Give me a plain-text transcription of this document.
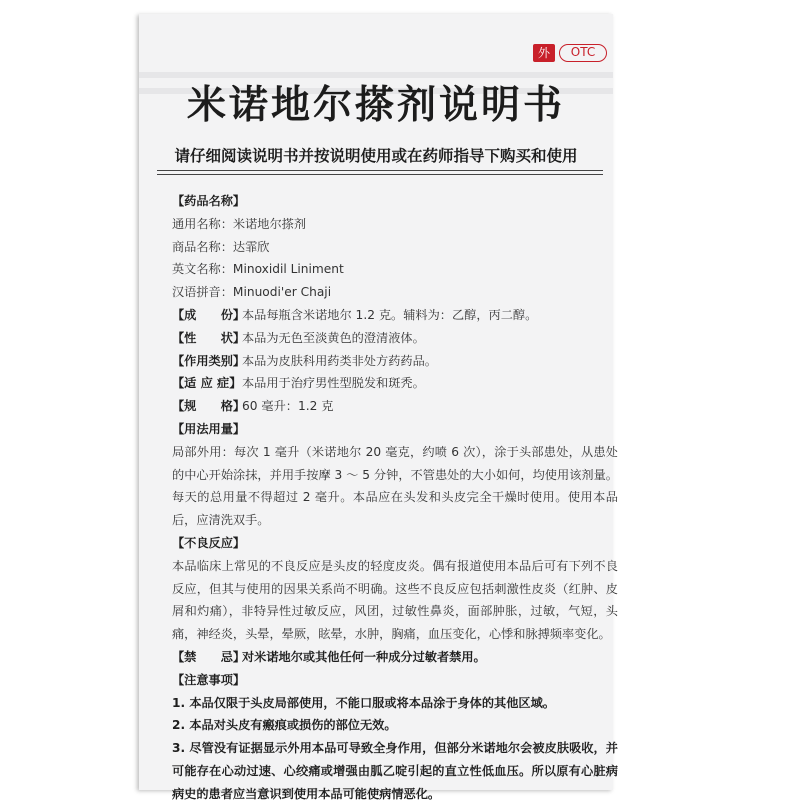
外	OTC
米诺地尔搽剂说明书
请仔细阅读说明书并按说明使用或在药师指导下购买和使用

【药品名称】

通用名称：米诺地尔搽剂

商品名称：达霏欣

英文名称：Minoxidil Liniment

汉语拼音：Minuodi'er Chaji

【成　　份】本品每瓶含米诺地尔 1.2 克。辅料为：乙醇，丙二醇。

【性　　状】本品为无色至淡黄色的澄清液体。

【作用类别】本品为皮肤科用药类非处方药药品。

【适 应 症】本品用于治疗男性型脱发和斑秃。

【规　　格】60 毫升：1.2 克

【用法用量】

局部外用：每次 1 毫升（米诺地尔 20 毫克，约喷 6 次），涂于头部患处，从患处的中心开始涂抹，并用手按摩 3 ～ 5 分钟，不管患处的大小如何，均使用该剂量。每天的总用量不得超过 2 毫升。本品应在头发和头皮完全干燥时使用。使用本品后，应清洗双手。

【不良反应】

本品临床上常见的不良反应是头皮的轻度皮炎。偶有报道使用本品后可有下列不良反应，但其与使用的因果关系尚不明确。这些不良反应包括刺激性皮炎（红肿、皮屑和灼痛），非特异性过敏反应，风团，过敏性鼻炎，面部肿胀，过敏，气短，头痛，神经炎，头晕，晕厥，眩晕，水肿，胸痛，血压变化，心悸和脉搏频率变化。

【禁　　忌】对米诺地尔或其他任何一种成分过敏者禁用。

【注意事项】

1. 本品仅限于头皮局部使用，不能口服或将本品涂于身体的其他区域。

2. 本品对头皮有瘢痕或损伤的部位无效。

3. 尽管没有证据显示外用本品可导致全身作用，但部分米诺地尔会被皮肤吸收，并可能存在心动过速、心绞痛或增强由胍乙啶引起的直立性低血压。所以原有心脏病病史的患者应当意识到使用本品可能使病情恶化。
